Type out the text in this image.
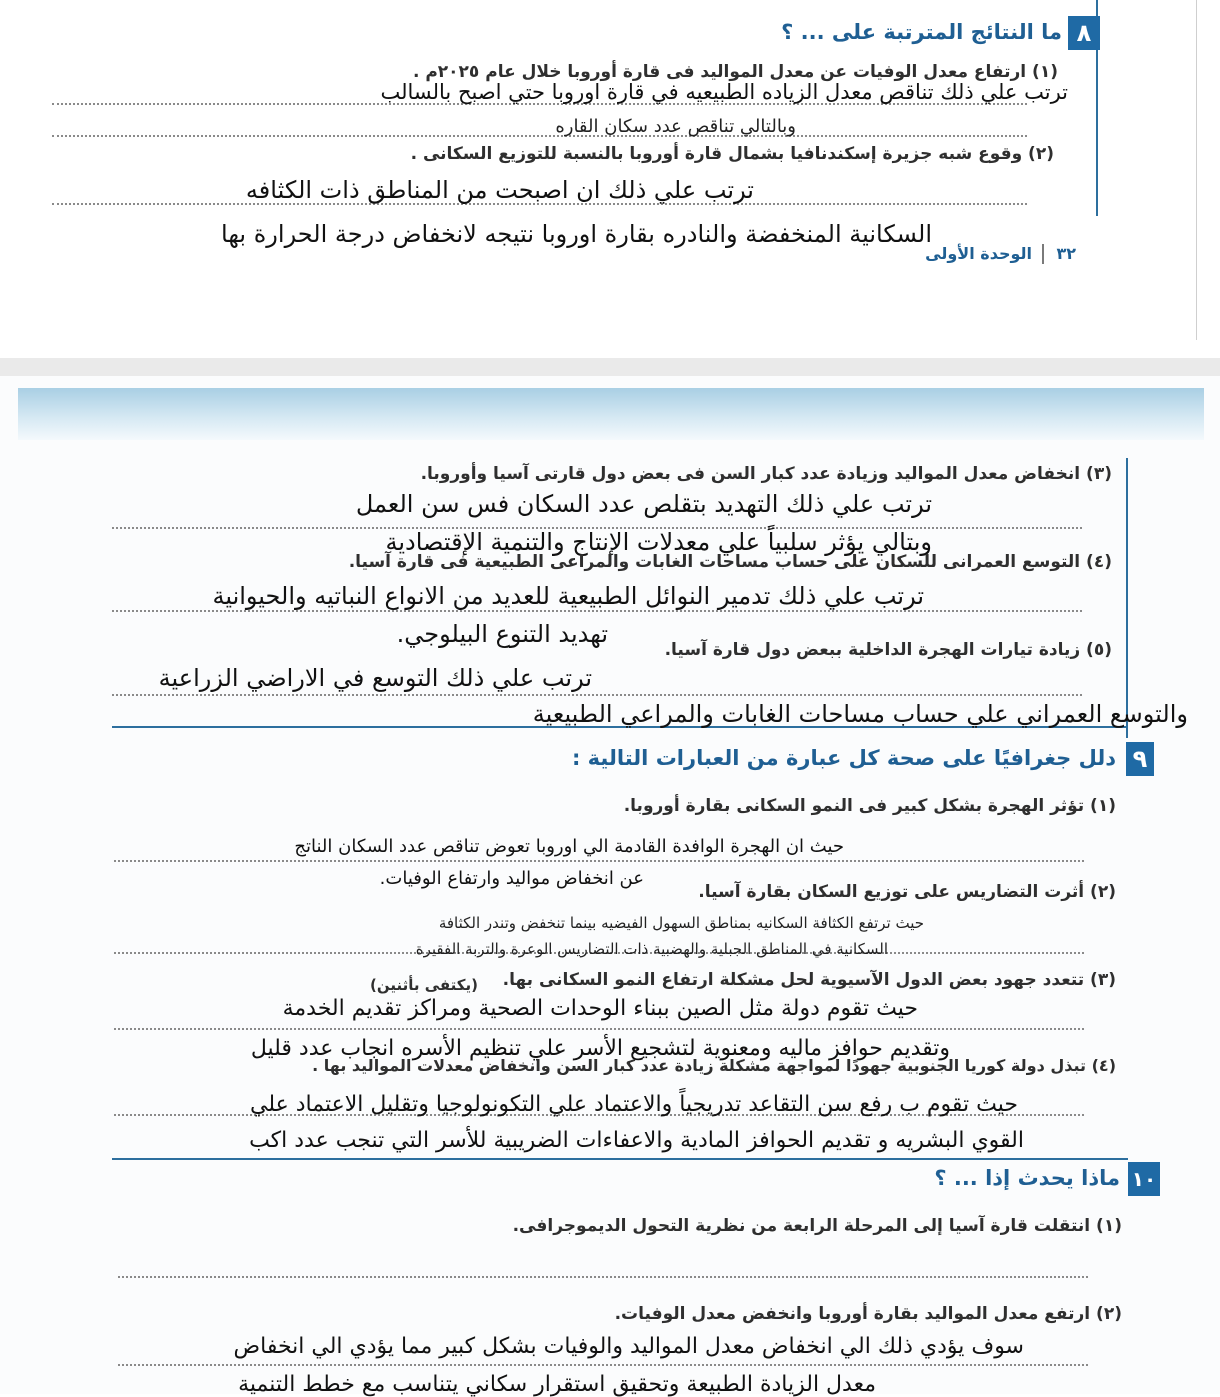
٨
ما النتائج المترتبة على ... ؟
(١) ارتفاع معدل الوفيات عن معدل المواليد فى قارة أوروبا خلال عام ٢٠٢٥م .
ترتب علي ذلك تناقص معدل الزياده الطبيعيه في قارة اوروبا حتي اصبح بالسالب
وبالتالي تناقص عدد سكان القاره
(٢) وقوع شبه جزيرة إسكندنافيا بشمال قارة أوروبا بالنسبة للتوزيع السكانى .
ترتب علي ذلك ان اصبحت من المناطق ذات الكثافه
السكانية المنخفضة والنادره بقارة اوروبا نتيجه لانخفاض درجة الحرارة بها
٣٢
الوحدة الأولى
(٣) انخفاض معدل المواليد وزيادة عدد كبار السن فى بعض دول قارتى آسيا وأوروبا.
ترتب علي ذلك التهديد بتقلص عدد السكان فس سن العمل
وبتالي يؤثر سلبياً علي معدلات الإنتاج والتنمية الإقتصادية
(٤) التوسع العمرانى للسكان على حساب مساحات الغابات والمراعى الطبيعية فى قارة آسيا.
ترتب علي ذلك تدمير النوائل الطبيعية للعديد من الانواع النباتيه والحيوانية
تهديد التنوع البيلوجي.
(٥) زيادة تيارات الهجرة الداخلية ببعض دول قارة آسيا.
ترتب علي ذلك التوسع في الاراضي الزراعية
والتوسع العمراني علي حساب مساحات الغابات والمراعي الطبيعية
٩
دلل جغرافيًا على صحة كل عبارة من العبارات التالية :
(١) تؤثر الهجرة بشكل كبير فى النمو السكانى بقارة أوروبا.
حيث ان الهجرة الوافدة القادمة الي اوروبا تعوض تناقص عدد السكان الناتج
عن انخفاض مواليد وارتفاع الوفيات.
(٢) أثرت التضاريس على توزيع السكان بقارة آسيا.
حيث ترتفع الكثافة السكانيه بمناطق السهول الفيضيه بينما تنخفض وتندر الكثافة
السكانية في المناطق الجبلية والهضبية ذات التضاريس الوعرة والتربة الفقيرة
(٣) تتعدد جهود بعض الدول الآسيوية لحل مشكلة ارتفاع النمو السكانى بها.
(يكتفى بأثنين)
حيث تقوم دولة مثل الصين ببناء الوحدات الصحية ومراكز تقديم الخدمة
وتقديم حوافز ماليه ومعنوية لتشجيع الأسر علي تنظيم الأسره انجاب عدد قليل
(٤) تبذل دولة كوريا الجنوبية جهودًا لمواجهة مشكلة زيادة عدد كبار السن وانخفاض معدلات المواليد بها .
حيث تقوم ب رفع سن التقاعد تدريجياً والاعتماد علي التكونولوجيا وتقليل الاعتماد علي
القوي البشريه و تقديم الحوافز المادية والاعفاءات الضريبية للأسر التي تنجب عدد اكب
١٠
ماذا يحدث إذا ... ؟
(١) انتقلت قارة آسيا إلى المرحلة الرابعة من نظرية التحول الديموجرافى.
(٢) ارتفع معدل المواليد بقارة أوروبا وانخفض معدل الوفيات.
سوف يؤدي ذلك الي انخفاض معدل المواليد والوفيات بشكل كبير مما يؤدي الي انخفاض
معدل الزيادة الطبيعة وتحقيق استقرار سكاني يتناسب مع خطط التنمية
